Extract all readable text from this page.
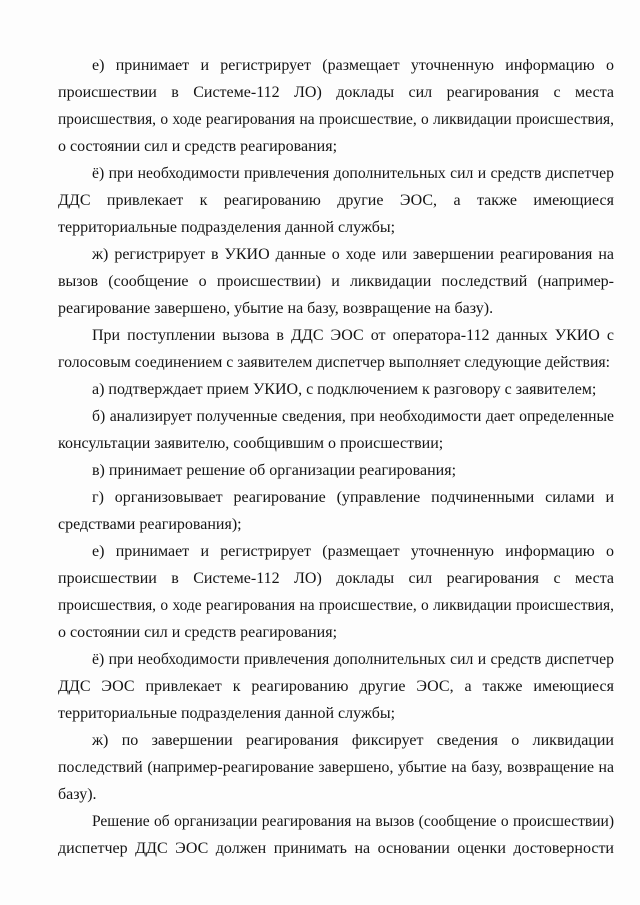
е) принимает и регистрирует (размещает уточненную информацию о
происшествии в Системе-112 ЛО) доклады сил реагирования с места
происшествия, о ходе реагирования на происшествие, о ликвидации происшествия,
о состоянии сил и средств реагирования;
ё) при необходимости привлечения дополнительных сил и средств диспетчер
ДДС привлекает к реагированию другие ЭОС, а также имеющиеся
территориальные подразделения данной службы;
ж) регистрирует в УКИО данные о ходе или завершении реагирования на
вызов (сообщение о происшествии) и ликвидации последствий (например-
реагирование завершено, убытие на базу, возвращение на базу).
При поступлении вызова в ДДС ЭОС от оператора-112 данных УКИО с
голосовым соединением с заявителем диспетчер выполняет следующие действия:
а) подтверждает прием УКИО, с подключением к разговору с заявителем;
б) анализирует полученные сведения, при необходимости дает определенные
консультации заявителю, сообщившим о происшествии;
в) принимает решение об организации реагирования;
г) организовывает реагирование (управление подчиненными силами и
средствами реагирования);
е) принимает и регистрирует (размещает уточненную информацию о
происшествии в Системе-112 ЛО) доклады сил реагирования с места
происшествия, о ходе реагирования на происшествие, о ликвидации происшествия,
о состоянии сил и средств реагирования;
ё) при необходимости привлечения дополнительных сил и средств диспетчер
ДДС ЭОС привлекает к реагированию другие ЭОС, а также имеющиеся
территориальные подразделения данной службы;
ж) по завершении реагирования фиксирует сведения о ликвидации
последствий (например-реагирование завершено, убытие на базу, возвращение на
базу).
Решение об организации реагирования на вызов (сообщение о происшествии)
диспетчер ДДС ЭОС должен принимать на основании оценки достоверности
